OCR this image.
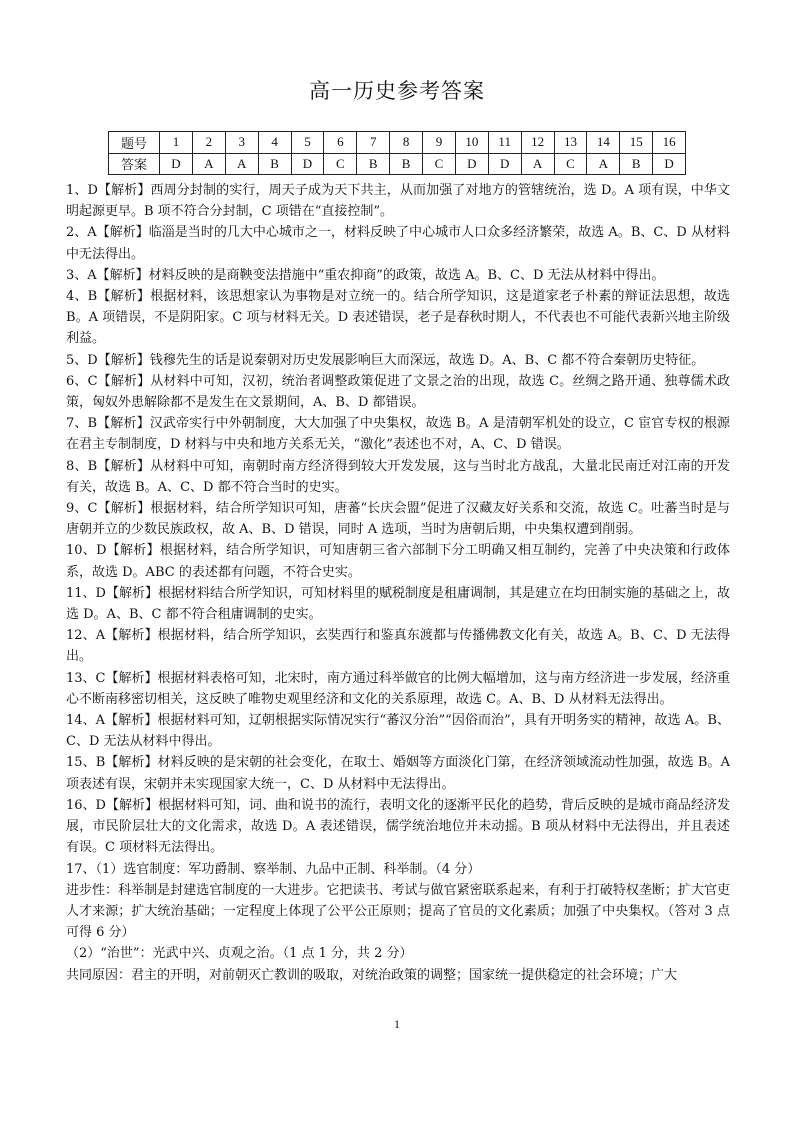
高一历史参考答案
题号	1	2	3	4	5	6	7	8	9	10	11	12	13	14	15	16
答案	D	A	A	B	D	C	B	B	C	D	D	A	C	A	B	D

1、D【解析】西周分封制的实行，周天子成为天下共主，从而加强了对地方的管辖统治，选 D。A 项有误，中华文明起源更早。B 项不符合分封制，C 项错在“直接控制”。

2、A【解析】临淄是当时的几大中心城市之一，材料反映了中心城市人口众多经济繁荣，故选 A。B、C、D 从材料中无法得出。

3、A【解析】材料反映的是商鞅变法措施中“重农抑商”的政策，故选 A。B、C、D 无法从材料中得出。

4、B【解析】根据材料，该思想家认为事物是对立统一的。结合所学知识，这是道家老子朴素的辩证法思想，故选 B。A 项错误，不是阴阳家。C 项与材料无关。D 表述错误，老子是春秋时期人，不代表也不可能代表新兴地主阶级利益。

5、D【解析】钱穆先生的话是说秦朝对历史发展影响巨大而深远，故选 D。A、B、C 都不符合秦朝历史特征。

6、C【解析】从材料中可知，汉初，统治者调整政策促进了文景之治的出现，故选 C。丝绸之路开通、独尊儒术政策，匈奴外患解除都不是发生在文景期间，A、B、D 都错误。

7、B【解析】汉武帝实行中外朝制度，大大加强了中央集权，故选 B。A 是清朝军机处的设立，C 宦官专权的根源在君主专制制度，D 材料与中央和地方关系无关，“激化”表述也不对，A、C、D 错误。

8、B【解析】从材料中可知，南朝时南方经济得到较大开发发展，这与当时北方战乱，大量北民南迁对江南的开发有关，故选 B。A、C、D 都不符合当时的史实。

9、C【解析】根据材料，结合所学知识可知，唐蕃“长庆会盟”促进了汉藏友好关系和交流，故选 C。吐蕃当时是与唐朝并立的少数民族政权，故 A、B、D 错误，同时 A 选项，当时为唐朝后期，中央集权遭到削弱。

10、D【解析】根据材料，结合所学知识，可知唐朝三省六部制下分工明确又相互制约，完善了中央决策和行政体系，故选 D。ABC 的表述都有问题，不符合史实。

11、D【解析】根据材料结合所学知识，可知材料里的赋税制度是租庸调制，其是建立在均田制实施的基础之上，故选 D。A、B、C 都不符合租庸调制的史实。

12、A【解析】根据材料，结合所学知识，玄奘西行和鉴真东渡都与传播佛教文化有关，故选 A。B、C、D 无法得出。

13、C【解析】根据材料表格可知，北宋时，南方通过科举做官的比例大幅增加，这与南方经济进一步发展，经济重心不断南移密切相关，这反映了唯物史观里经济和文化的关系原理，故选 C。A、B、D 从材料无法得出。

14、A【解析】根据材料可知，辽朝根据实际情况实行“蕃汉分治”“因俗而治”，具有开明务实的精神，故选 A。B、C、D 无法从材料中得出。

15、B【解析】材料反映的是宋朝的社会变化，在取士、婚姻等方面淡化门第，在经济领域流动性加强，故选 B。A 项表述有误，宋朝并未实现国家大统一，C、D 从材料中无法得出。

16、D【解析】根据材料可知，词、曲和说书的流行，表明文化的逐渐平民化的趋势，背后反映的是城市商品经济发展，市民阶层壮大的文化需求，故选 D。A 表述错误，儒学统治地位并未动摇。B 项从材料中无法得出，并且表述有误。C 项材料无法得出。

17、（1）选官制度：军功爵制、察举制、九品中正制、科举制。（4 分）

进步性：科举制是封建选官制度的一大进步。它把读书、考试与做官紧密联系起来，有利于打破特权垄断；扩大官吏人才来源；扩大统治基础；一定程度上体现了公平公正原则；提高了官员的文化素质；加强了中央集权。（答对 3 点可得 6 分）

（2）“治世”：光武中兴、贞观之治。（1 点 1 分，共 2 分）

共同原因：君主的开明，对前朝灭亡教训的吸取，对统治政策的调整；国家统一提供稳定的社会环境；广大

1
